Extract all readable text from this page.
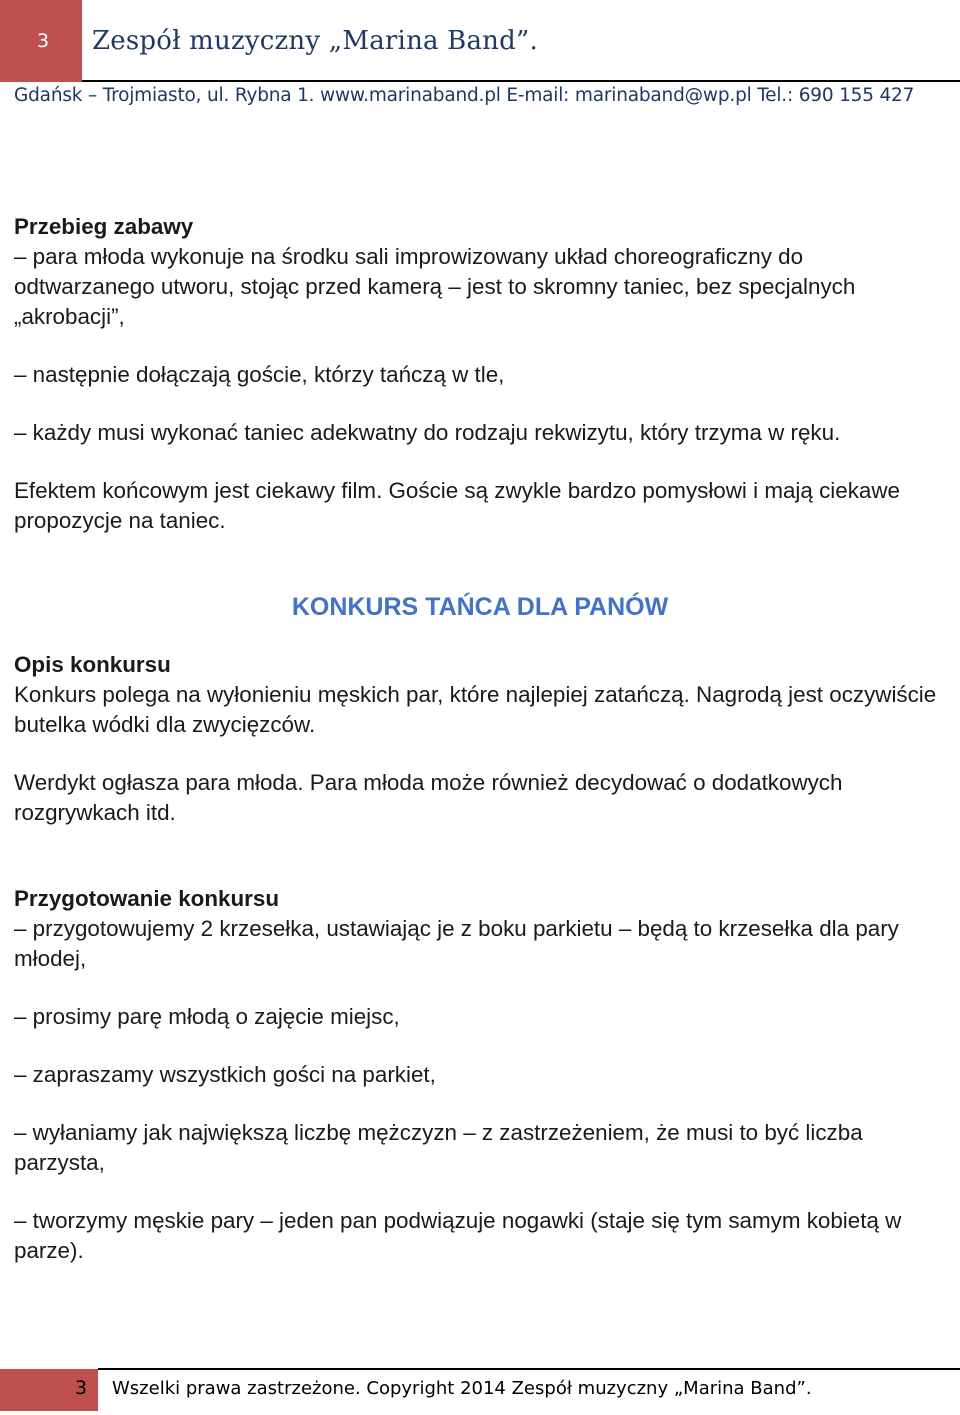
3 Zespół muzyczny „Marina Band”.
Gdańsk – Trojmiasto, ul. Rybna 1. www.marinaband.pl E-mail: marinaband@wp.pl Tel.: 690 155 427

Przebieg zabawy

– para młoda wykonuje na środku sali improwizowany układ choreograficzny do odtwarzanego utworu, stojąc przed kamerą – jest to skromny taniec, bez specjalnych „akrobacji”,

– następnie dołączają goście, którzy tańczą w tle,

– każdy musi wykonać taniec adekwatny do rodzaju rekwizytu, który trzyma w ręku.

Efektem końcowym jest ciekawy film. Goście są zwykle bardzo pomysłowi i mają ciekawe propozycje na taniec.

KONKURS TAŃCA DLA PANÓW

Opis konkursu

Konkurs polega na wyłonieniu męskich par, które najlepiej zatańczą. Nagrodą jest oczywiście butelka wódki dla zwycięzców.

Werdykt ogłasza para młoda. Para młoda może również decydować o dodatkowych rozgrywkach itd.

Przygotowanie konkursu

– przygotowujemy 2 krzesełka, ustawiając je z boku parkietu – będą to krzesełka dla pary młodej,

– prosimy parę młodą o zajęcie miejsc,

– zapraszamy wszystkich gości na parkiet,

– wyłaniamy jak największą liczbę mężczyzn – z zastrzeżeniem, że musi to być liczba parzysta,

– tworzymy męskie pary – jeden pan podwiązuje nogawki (staje się tym samym kobietą w parze).

3 Wszelki prawa zastrzeżone. Copyright 2014 Zespół muzyczny „Marina Band”.
